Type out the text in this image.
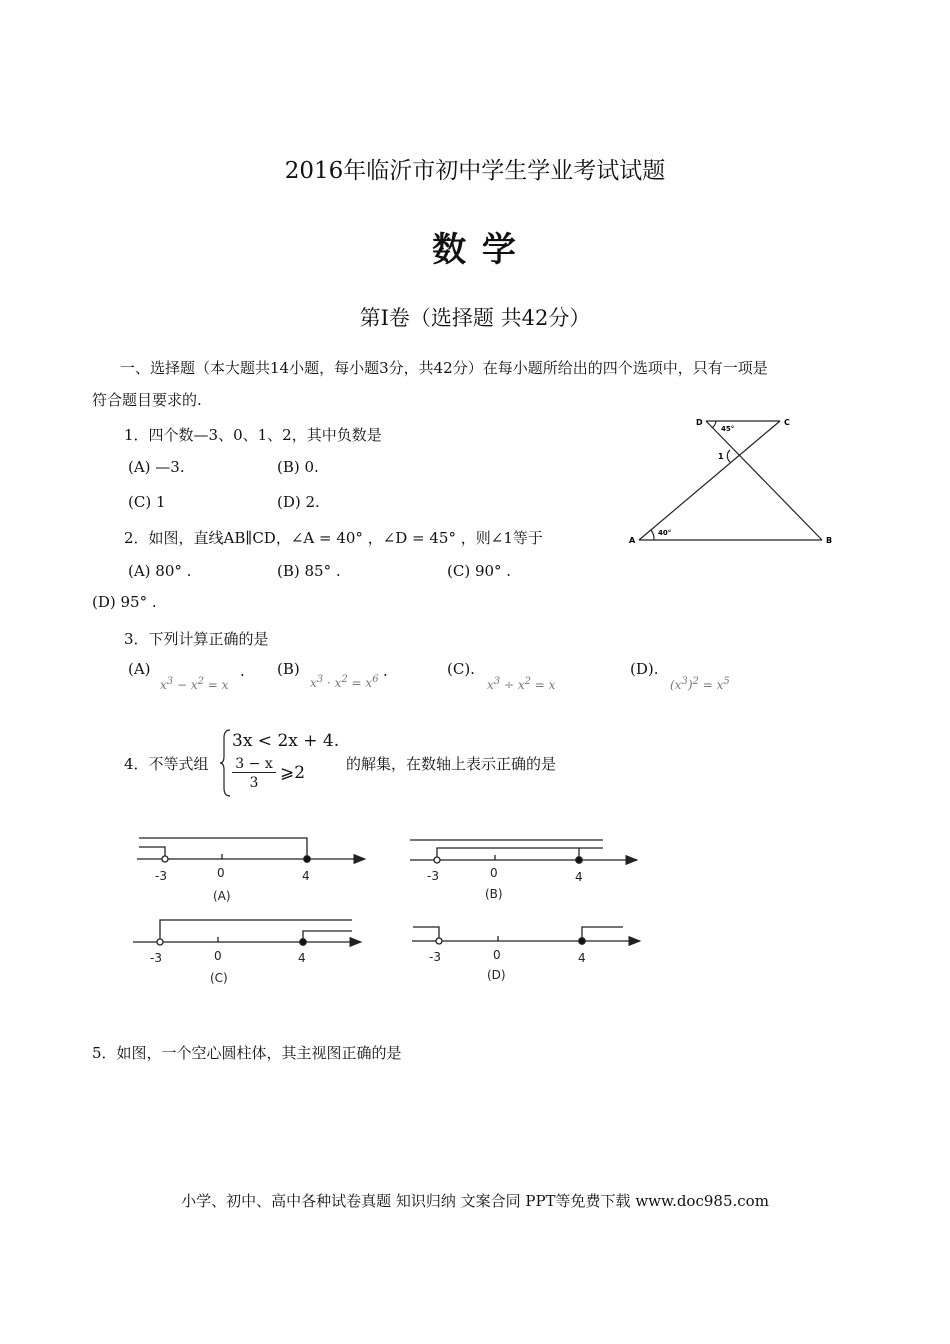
2016年临沂市初中学生学业考试试题
数 学
第Ⅰ卷（选择题 共42分）
一、选择题（本大题共14小题，每小题3分，共42分）在每小题所给出的四个选项中，只有一项是
符合题目要求的.
1．四个数—3、0、1、2，其中负数是
(A) —3.	(B) 0.
(C) 1	(D) 2.
D	C
A	B
45°
40°
1
2．如图，直线AB∥CD，∠A = 40° ，∠D = 45° ，则∠1等于
(A) 80° .	(B) 85° .	(C) 90° .
(D) 95° .
3．下列计算正确的是
(A)
$x^3 - x^2 = x$
. (B)
$x^3 \cdot x^2 = x^6$ .	(C).
$x^3 \div x^2 = x$
(D).
$(x^3)^2 = x^5$
4．不等式组
3x < 2x + 4.
3 − x
3	⩾2	的解集，在数轴上表示正确的是
-3	0	4
(A)
-3	0	4
(B)
-3	0	4
(C)
-3	0	4
(D)
5．如图，一个空心圆柱体，其主视图正确的是
小学、初中、高中各种试卷真题 知识归纳 文案合同 PPT等免费下载 www.doc985.com
